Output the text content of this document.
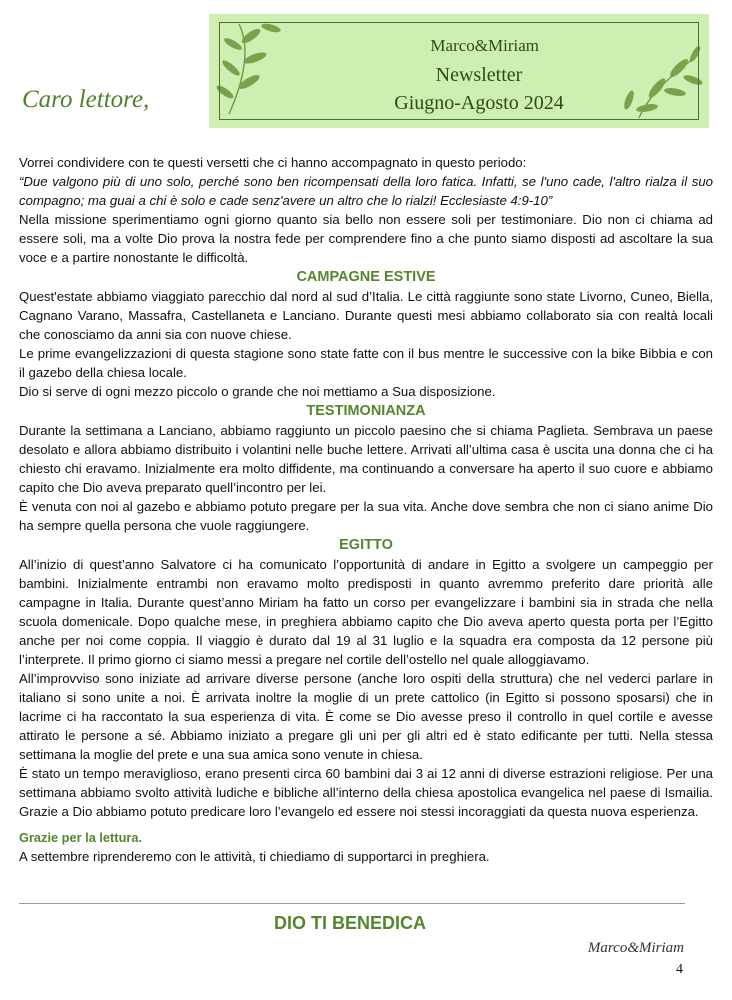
Caro lettore,
Marco&Miriam
Newsletter
Giugno-Agosto 2024

Vorrei condividere con te questi versetti che ci hanno accompagnato in questo periodo:

“Due valgono più di uno solo, perché sono ben ricompensati della loro fatica. Infatti, se l'uno cade, l'altro rialza il suo compagno; ma guai a chi è solo e cade senz'avere un altro che lo rialzi! Ecclesiaste 4:9-10”

Nella missione sperimentiamo ogni giorno quanto sia bello non essere soli per testimoniare. Dio non ci chiama ad essere soli, ma a volte Dio prova la nostra fede per comprendere fino a che punto siamo disposti ad ascoltare la sua voce e a partire nonostante le difficoltà.

CAMPAGNE ESTIVE

Quest'estate abbiamo viaggiato parecchio dal nord al sud d’Italia. Le città raggiunte sono state Livorno, Cuneo, Biella, Cagnano Varano, Massafra, Castellaneta e Lanciano. Durante questi mesi abbiamo collaborato sia con realtà locali che conosciamo da anni sia con nuove chiese.

Le prime evangelizzazioni di questa stagione sono state fatte con il bus mentre le successive con la bike Bibbia e con il gazebo della chiesa locale.

Dio si serve di ogni mezzo piccolo o grande che noi mettiamo a Sua disposizione.

TESTIMONIANZA

Durante la settimana a Lanciano, abbiamo raggiunto un piccolo paesino che si chiama Paglieta. Sembrava un paese desolato e allora abbiamo distribuito i volantini nelle buche lettere. Arrivati all’ultima casa è uscita una donna che ci ha chiesto chi eravamo. Inizialmente era molto diffidente, ma continuando a conversare ha aperto il suo cuore e abbiamo capito che Dio aveva preparato quell’incontro per lei.

È venuta con noi al gazebo e abbiamo potuto pregare per la sua vita. Anche dove sembra che non ci siano anime Dio ha sempre quella persona che vuole raggiungere.

EGITTO

All’inizio di quest’anno Salvatore ci ha comunicato l’opportunità di andare in Egitto a svolgere un campeggio per bambini. Inizialmente entrambi non eravamo molto predisposti in quanto avremmo preferito dare priorità alle campagne in Italia. Durante quest’anno Miriam ha fatto un corso per evangelizzare i bambini sia in strada che nella scuola domenicale. Dopo qualche mese, in preghiera abbiamo capito che Dio aveva aperto questa porta per l’Egitto anche per noi come coppia. Il viaggio è durato dal 19 al 31 luglio e la squadra era composta da 12 persone più l’interprete. Il primo giorno ci siamo messi a pregare nel cortile dell’ostello nel quale alloggiavamo.

All’improvviso sono iniziate ad arrivare diverse persone (anche loro ospiti della struttura) che nel vederci parlare in italiano si sono unite a noi. È arrivata inoltre la moglie di un prete cattolico (in Egitto si possono sposarsi) che in lacrime ci ha raccontato la sua esperienza di vita. È come se Dio avesse preso il controllo in quel cortile e avesse attirato le persone a sé. Abbiamo iniziato a pregare gli uni per gli altri ed è stato edificante per tutti. Nella stessa settimana la moglie del prete e una sua amica sono venute in chiesa.

È stato un tempo meraviglioso, erano presenti circa 60 bambini dai 3 ai 12 anni di diverse estrazioni religiose. Per una settimana abbiamo svolto attività ludiche e bibliche all’interno della chiesa apostolica evangelica nel paese di Ismailia. Grazie a Dio abbiamo potuto predicare loro l’evangelo ed essere noi stessi incoraggiati da questa nuova esperienza.

Grazie per la lettura.

A settembre riprenderemo con le attività, ti chiediamo di supportarci in preghiera.

DIO TI BENEDICA
Marco&Miriam
4
